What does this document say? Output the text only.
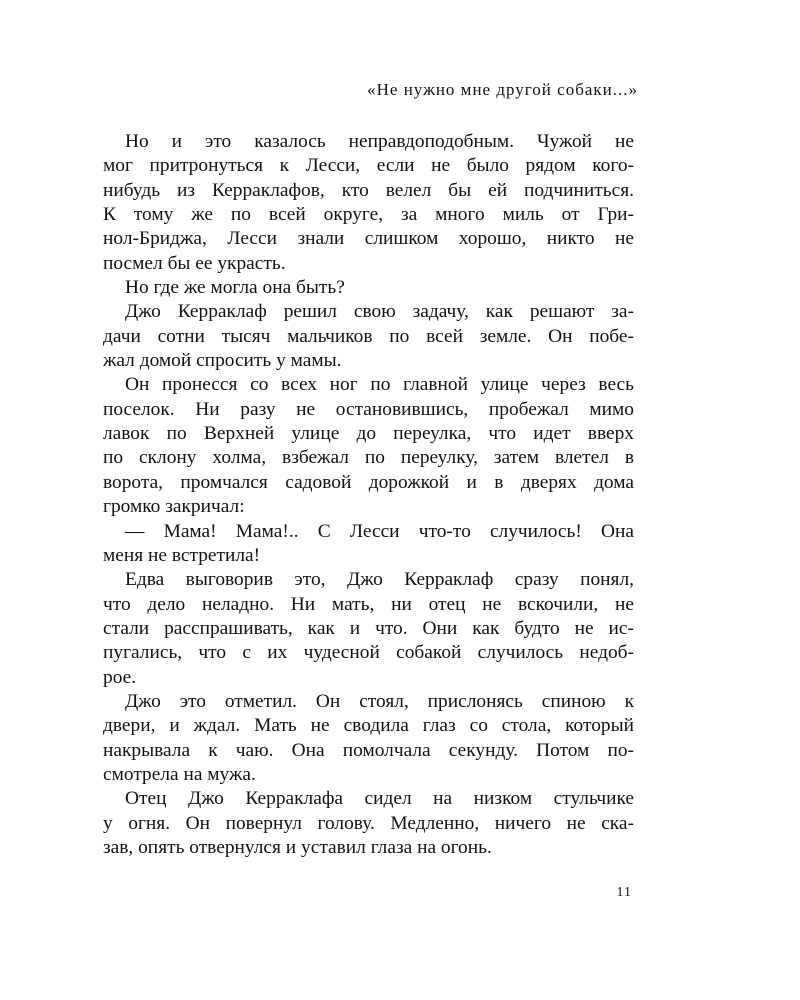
«Не нужно мне другой собаки...»
Но и это казалось неправдоподобным. Чужой не
мог притронуться к Лесси, если не было рядом кого-
нибудь из Керраклафов, кто велел бы ей подчиниться.
К тому же по всей округе, за много миль от Гри-
нол-Бриджа, Лесси знали слишком хорошо, никто не
посмел бы ее украсть.
Но где же могла она быть?
Джо Керраклаф решил свою задачу, как решают за-
дачи сотни тысяч мальчиков по всей земле. Он побе-
жал домой спросить у мамы.
Он пронесся со всех ног по главной улице через весь
поселок. Ни разу не остановившись, пробежал мимо
лавок по Верхней улице до переулка, что идет вверх
по склону холма, взбежал по переулку, затем влетел в
ворота, промчался садовой дорожкой и в дверях дома
громко закричал:
— Мама! Мама!.. С Лесси что-то случилось! Она
меня не встретила!
Едва выговорив это, Джо Керраклаф сразу понял,
что дело неладно. Ни мать, ни отец не вскочили, не
стали расспрашивать, как и что. Они как будто не ис-
пугались, что с их чудесной собакой случилось недоб-
рое.
Джо это отметил. Он стоял, прислонясь спиною к
двери, и ждал. Мать не сводила глаз со стола, который
накрывала к чаю. Она помолчала секунду. Потом по-
смотрела на мужа.
Отец Джо Керраклафа сидел на низком стульчике
у огня. Он повернул голову. Медленно, ничего не ска-
зав, опять отвернулся и уставил глаза на огонь.
11
